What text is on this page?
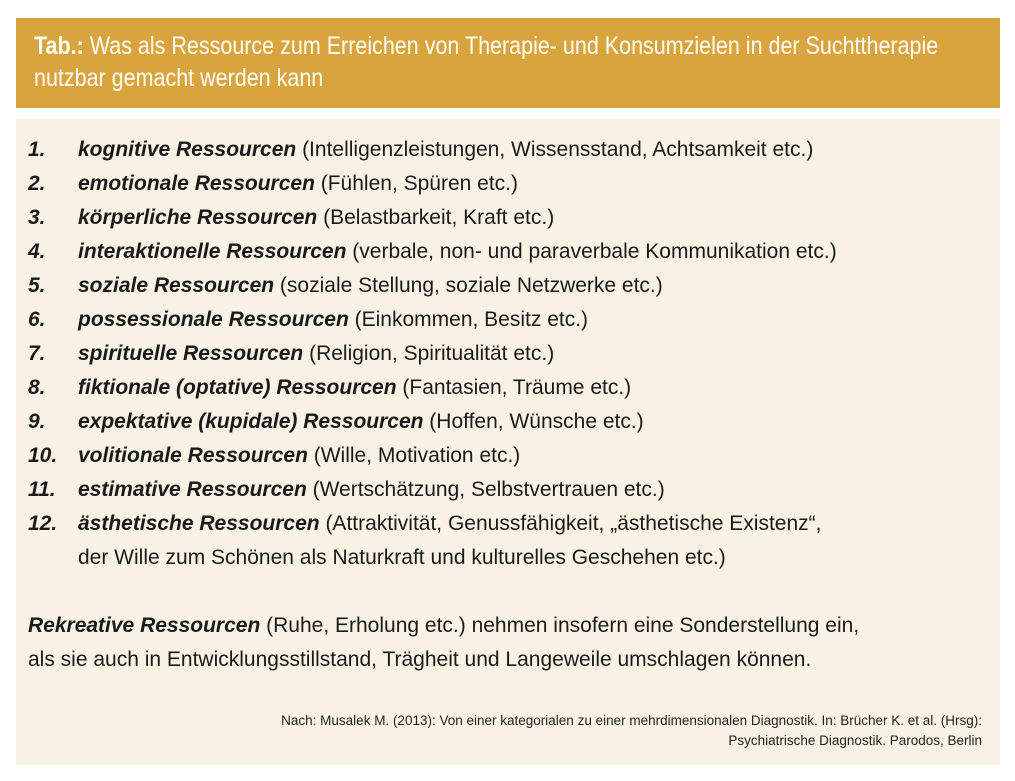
Tab.: Was als Ressource zum Erreichen von Therapie- und Konsumzielen in der Suchttherapie
nutzbar gemacht werden kann
1. kognitive Ressourcen (Intelligenzleistungen, Wissensstand, Achtsamkeit etc.)
2. emotionale Ressourcen (Fühlen, Spüren etc.)
3. körperliche Ressourcen (Belastbarkeit, Kraft etc.)
4. interaktionelle Ressourcen (verbale, non- und paraverbale Kommunikation etc.)
5. soziale Ressourcen (soziale Stellung, soziale Netzwerke etc.)
6. possessionale Ressourcen (Einkommen, Besitz etc.)
7. spirituelle Ressourcen (Religion, Spiritualität etc.)
8. fiktionale (optative) Ressourcen (Fantasien, Träume etc.)
9. expektative (kupidale) Ressourcen (Hoffen, Wünsche etc.)
10. volitionale Ressourcen (Wille, Motivation etc.)
11. estimative Ressourcen (Wertschätzung, Selbstvertrauen etc.)
12. ästhetische Ressourcen (Attraktivität, Genussfähigkeit, „ästhetische Existenz“,
der Wille zum Schönen als Naturkraft und kulturelles Geschehen etc.)
Rekreative Ressourcen (Ruhe, Erholung etc.) nehmen insofern eine Sonderstellung ein,
als sie auch in Entwicklungsstillstand, Trägheit und Langeweile umschlagen können.
Nach: Musalek M. (2013): Von einer kategorialen zu einer mehrdimensionalen Diagnostik. In: Brücher K. et al. (Hrsg):
Psychiatrische Diagnostik. Parodos, Berlin
